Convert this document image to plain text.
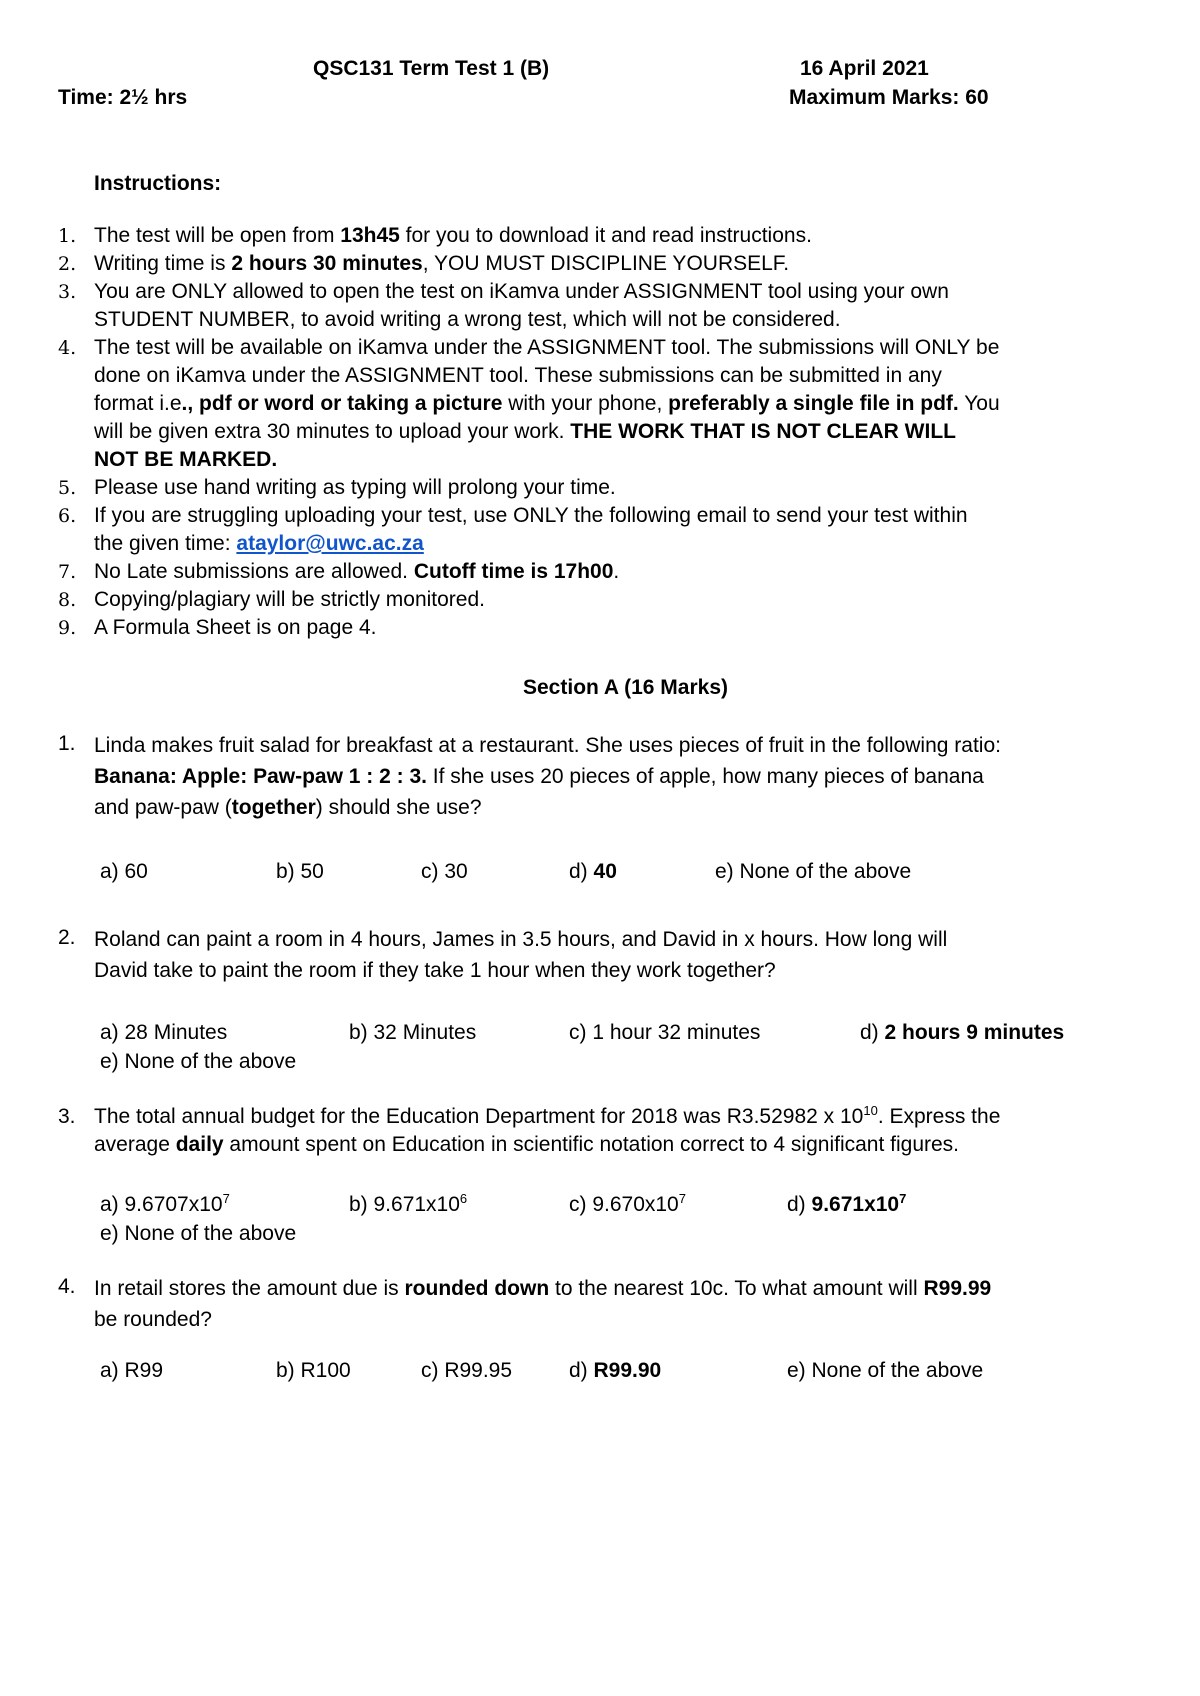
QSC131 Term Test 1 (B)	16 April 2021
Time: 2½ hrs	Maximum Marks: 60
Instructions:
1. The test will be open from 13h45 for you to download it and read instructions.
2. Writing time is 2 hours 30 minutes, YOU MUST DISCIPLINE YOURSELF.
3. You are ONLY allowed to open the test on iKamva under ASSIGNMENT tool using your own
STUDENT NUMBER, to avoid writing a wrong test, which will not be considered.
4. The test will be available on iKamva under the ASSIGNMENT tool. The submissions will ONLY be
done on iKamva under the ASSIGNMENT tool. These submissions can be submitted in any
format i.e., pdf or word or taking a picture with your phone, preferably a single file in pdf. You
will be given extra 30 minutes to upload your work. THE WORK THAT IS NOT CLEAR WILL
NOT BE MARKED.
5. Please use hand writing as typing will prolong your time.
6. If you are struggling uploading your test, use ONLY the following email to send your test within
the given time: ataylor@uwc.ac.za
7. No Late submissions are allowed. Cutoff time is 17h00.
8. Copying/plagiary will be strictly monitored.
9. A Formula Sheet is on page 4.
Section A (16 Marks)
1. Linda makes fruit salad for breakfast at a restaurant. She uses pieces of fruit in the following ratio:
Banana: Apple: Paw-paw 1 : 2 : 3. If she uses 20 pieces of apple, how many pieces of banana
and paw-paw (together) should she use?
a) 60	b) 50	c) 30	d) 40	e) None of the above
2. Roland can paint a room in 4 hours, James in 3.5 hours, and David in x hours. How long will
David take to paint the room if they take 1 hour when they work together?
a) 28 Minutes	b) 32 Minutes	c) 1 hour 32 minutes	d) 2 hours 9 minutes
e) None of the above
3. The total annual budget for the Education Department for 2018 was R3.52982 x $10^{10}$. Express the
average daily amount spent on Education in scientific notation correct to 4 significant figures.
a) $9.6707x10^7$	b) $9.671x10^6$	c) $9.670x10^7$	d) $9.671x10^7$
e) None of the above
4. In retail stores the amount due is rounded down to the nearest 10c. To what amount will R99.99
be rounded?
a) R99	b) R100	c) R99.95	d) R99.90	e) None of the above
